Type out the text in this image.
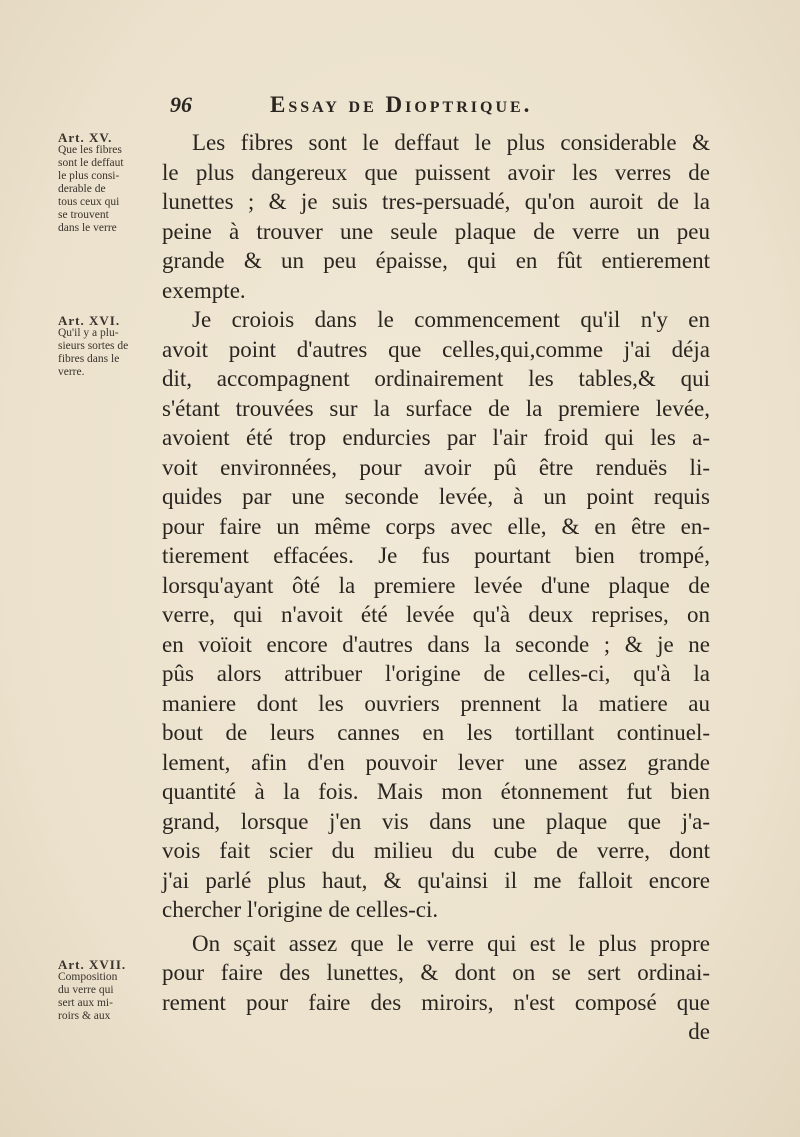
96	Essay de Dioptrique.
Art. XV.
Que les fibres
sont le deffaut
le plus consi-
derable de
tous ceux qui
se trouvent
dans le verre
Art. XVI.
Qu'il y a plu-
sieurs sortes de
fibres dans le
verre.
Art. XVII.
Composition
du verre qui
sert aux mi-
roirs & aux

Les fibres sont le deffaut le plus considerable &
le plus dangereux que puissent avoir les verres de
lunettes ; & je suis tres-persuadé, qu'on auroit de la
peine à trouver une seule plaque de verre un peu
grande & un peu épaisse, qui en fût entierement
exempte.

Je croiois dans le commencement qu'il n'y en
avoit point d'autres que celles,qui,comme j'ai déja
dit, accompagnent ordinairement les tables,& qui
s'étant trouvées sur la surface de la premiere levée,
avoient été trop endurcies par l'air froid qui les a-
voit environnées, pour avoir pû être renduës li-
quides par une seconde levée, à un point requis
pour faire un même corps avec elle, & en être en-
tierement effacées. Je fus pourtant bien trompé,
lorsqu'ayant ôté la premiere levée d'une plaque de
verre, qui n'avoit été levée qu'à deux reprises, on
en voïoit encore d'autres dans la seconde ; & je ne
pûs alors attribuer l'origine de celles-ci, qu'à la
maniere dont les ouvriers prennent la matiere au
bout de leurs cannes en les tortillant continuel-
lement, afin d'en pouvoir lever une assez grande
quantité à la fois. Mais mon étonnement fut bien
grand, lorsque j'en vis dans une plaque que j'a-
vois fait scier du milieu du cube de verre, dont
j'ai parlé plus haut, & qu'ainsi il me falloit encore
chercher l'origine de celles-ci.

On sçait assez que le verre qui est le plus propre
pour faire des lunettes, & dont on se sert ordinai-
rement pour faire des miroirs, n'est composé que
de
